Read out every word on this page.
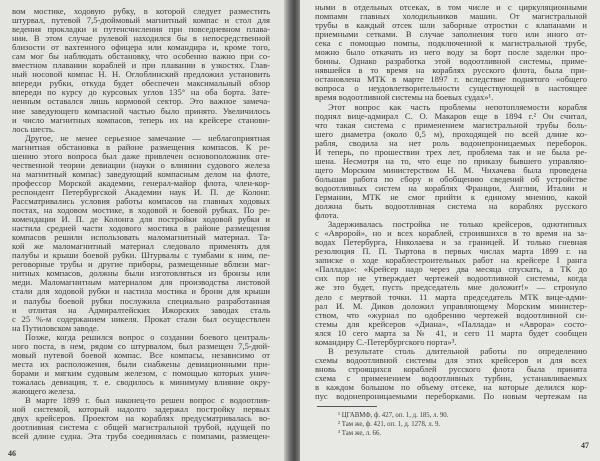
вом мостике, ходовую рубку, в которой следует разместить
штурвал, путевой 7,5-дюймовый магнитный компас и стол для
ведения прокладки и путенсчисления при повседневном плава-
нии. В этом случае рулевой находился бы в непосредственной
близости от вахтенного офицера или командира и, кроме того,
сам мог бы наблюдать обстановку, что особенно важно при со-
вместном плавании кораблей и при плавании в узкостях. Глав-
ный носовой компас Н. Н. Оглоблинский предложил установить
впереди рубки, откуда будет обеспечен максимальный обзор
впереди по курсу до курсовых углов 135° на оба борта. Зате-
ненным оставался лишь кормовой сектор. Это важное замеча-
ние заведующего компасной частью было принято. Увеличилось
и число магнитных компасов, теперь их на крейсере станови-
лось шесть.
Другое, не менее серьезное замечание — неблагоприятная
магнитная обстановка в районе размещения компасов. К ре-
шению этого вопроса был даже привлечен основоположник оте-
чественной теории девиации (науки о влиянии судового железа
на магнитный компас) заведующий компасным делом на флоте,
профессор Морской академии, генерал-майор флота, член-кор-
респондент Петербургской Академии наук И. П. де Колонг.
Рассматривались условия работы компасов на главных ходовых
постах, на ходовом мостике, в ходовой и боевой рубках. По ре-
комендации И. П. де Колонга для постройки ходовой рубки и
настила средней части ходового мостика в районе размещения
компасов решили использовать маломагнитный материал. Та-
кой же маломагнитный материал следовало применять для
палубы и крыши боевой рубки. Штурвалы с тумбами к ним, пе-
реговорные трубы и другие приборы, размещенные вблизи маг-
нитных компасов, должны были изготовляться из бронзы или
меди. Маломагнитным материалом для производства листовой
стали для ходовой рубки и настила мостика и брони для крыши
и палубы боевой рубки послужила специально разработанная
и отлитая на Адмиралтейских Ижорских заводах сталь
с 25 %-м содержанием никеля. Прокат стали был осуществлен
на Путиловском заводе.
Позже, когда решился вопрос о создании боевого централь-
ного поста, в нем, рядом со штурвалом, был размещен 7,5-дюй-
мовый путевой боевой компас. Все компасы, независимо от
места их расположения, были снабжены девиационными при-
борами и мягким судовым железом, с помощью которых унич-
тожалась девиация, т. е. сводилось к минимуму влияние окру-
жающего железа.
В марте 1899 г. был наконец-то решен вопрос с водоотлив-
ной системой, который надолго задержал постройку первых
двух крейсеров. Проектом на кораблях предусматривалась во-
доотливная система с общей магистральной трубой, идущей по
всей длине судна. Эта труба соединялась с помпами, размещен-
46
ными в отдельных отсеках, в том числе и с циркуляционными
помпами главных холодильников машин. От магистральной
трубы в каждый отсек шли заборные отростки с клапанами и
приемными сетками. В случае заполнения того или иного от-
сека с помощью помпы, подключенной к магистральной трубе,
можно было откачать из него воду за борт после заделки про-
боины. Однако разработка этой водоотливной системы, приме-
нявшейся в то время на кораблях русского флота, была при-
остановлена МТК в марте 1897 г. вследствие поднятого «общего
вопроса о неудовлетворительности существующей в настоящее
время водоотливной системы на боевых судах»¹.
Этот вопрос как часть проблемы непотопляемости корабля
поднял вице-адмирал С. О. Макаров еще в 1894 г.² Он считал,
что такая система с применением магистральной трубы боль-
шего диаметра (около 0,5 м), проходящей по всей длине ко-
рабля, сводила на нет роль водонепроницаемых переборок.
И теперь, по прошествии трех лет, проблема так и не была ре-
шена. Несмотря на то, что еще по приказу бывшего управляю-
щего Морским министерством Н. М. Чихачева была проведена
большая работа по сбору и обобщению сведений об устройстве
водоотливных систем на кораблях Франции, Англии, Италии и
Германии, МТК не смог прийти к единому мнению, какой
должна быть водоотливная система на кораблях русского
флота.
Задерживалась постройка не только крейсеров, однотипных
с «Авророй», но и всех кораблей, строившихся в то время на за-
водах Петербурга, Николаева и за границей. И только гневная
резолюция П. П. Тыртова в первых числах марта 1899 г. на
записке о ходе кораблестроительных работ на крейсере I ранга
«Паллада»: «Крейсер надо через два месяца спускать, а ТК до
сих пор не утверждает чертежей водоотливной системы, когда
же это будет, пусть председатель мне доложит!» — стронуло
дело с мертвой точки. 11 марта председатель МТК вице-адми-
рал И. М. Диков доложил управляющему Морским министер-
ством, что «журнал по одобрению чертежей водоотливной си-
стемы для крейсеров «Диана», «Паллада» и «Аврора» состо-
ялся 10 сего марта за № 41, и сего 11 марта будет сообщен
командиру С.-Петербургского порта»³.
В результате столь длительной работы по определению
схемы водоотливной системы для этих крейсеров и для всех
вновь строящихся кораблей русского флота была принята
схема с применением водоотливных турбин, устанавливаемых
в каждом большом по объему отсеке, на которые делился кор-
пус водонепроницаемыми переборками. По новым чертежам на
¹ ЦГАВМФ, ф. 427, оп. 1, д. 185, л. 90.
² Там же, ф. 421, оп. 1, д. 1278, л. 9.
³ Там же, л. 66.
47
